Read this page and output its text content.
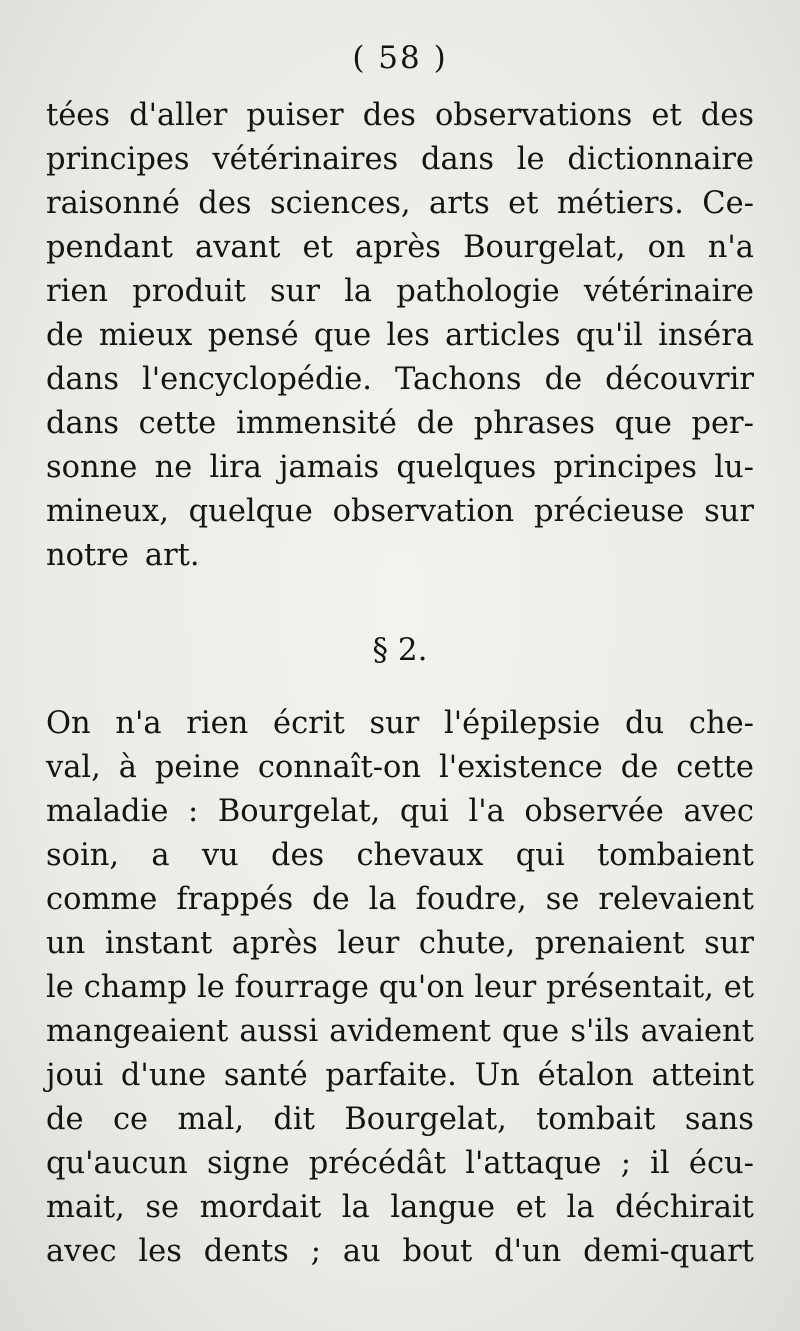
( 58 )
tées d'aller puiser des observations et des
principes vétérinaires dans le dictionnaire
raisonné des sciences, arts et métiers. Ce-
pendant avant et après Bourgelat, on n'a
rien produit sur la pathologie vétérinaire
de mieux pensé que les articles qu'il inséra
dans l'encyclopédie. Tachons de découvrir
dans cette immensité de phrases que per-
sonne ne lira jamais quelques principes lu-
mineux, quelque observation précieuse sur
notre art.
§ 2.
On n'a rien écrit sur l'épilepsie du che-
val, à peine connaît-on l'existence de cette
maladie : Bourgelat, qui l'a observée avec
soin, a vu des chevaux qui tombaient
comme frappés de la foudre, se relevaient
un instant après leur chute, prenaient sur
le champ le fourrage qu'on leur présentait, et
mangeaient aussi avidement que s'ils avaient
joui d'une santé parfaite. Un étalon atteint
de ce mal, dit Bourgelat, tombait sans
qu'aucun signe précédât l'attaque ; il écu-
mait, se mordait la langue et la déchirait
avec les dents ; au bout d'un demi-quart
